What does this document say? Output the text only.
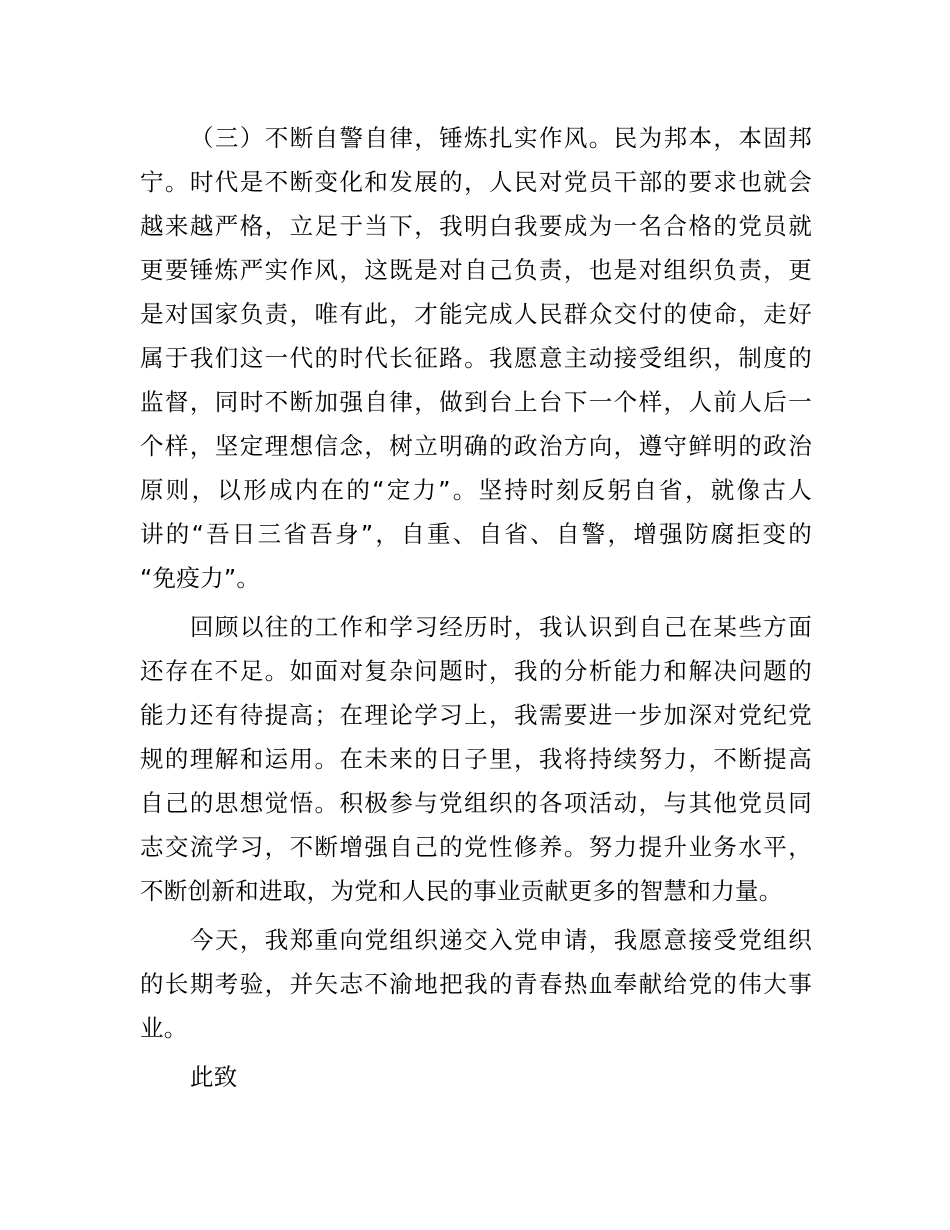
（三）不断自警自律，锤炼扎实作风。民为邦本，本固邦
宁。时代是不断变化和发展的，人民对党员干部的要求也就会
越来越严格，立足于当下，我明白我要成为一名合格的党员就
更要锤炼严实作风，这既是对自己负责，也是对组织负责，更
是对国家负责，唯有此，才能完成人民群众交付的使命，走好
属于我们这一代的时代长征路。我愿意主动接受组织，制度的
监督，同时不断加强自律，做到台上台下一个样，人前人后一
个样，坚定理想信念，树立明确的政治方向，遵守鲜明的政治
原则，以形成内在的“定力”。坚持时刻反躬自省，就像古人
讲的“吾日三省吾身”，自重、自省、自警，增强防腐拒变的
“免疫力”。
回顾以往的工作和学习经历时，我认识到自己在某些方面
还存在不足。如面对复杂问题时，我的分析能力和解决问题的
能力还有待提高；在理论学习上，我需要进一步加深对党纪党
规的理解和运用。在未来的日子里，我将持续努力，不断提高
自己的思想觉悟。积极参与党组织的各项活动，与其他党员同
志交流学习，不断增强自己的党性修养。努力提升业务水平，
不断创新和进取，为党和人民的事业贡献更多的智慧和力量。
今天，我郑重向党组织递交入党申请，我愿意接受党组织
的长期考验，并矢志不渝地把我的青春热血奉献给党的伟大事
业。
此致
